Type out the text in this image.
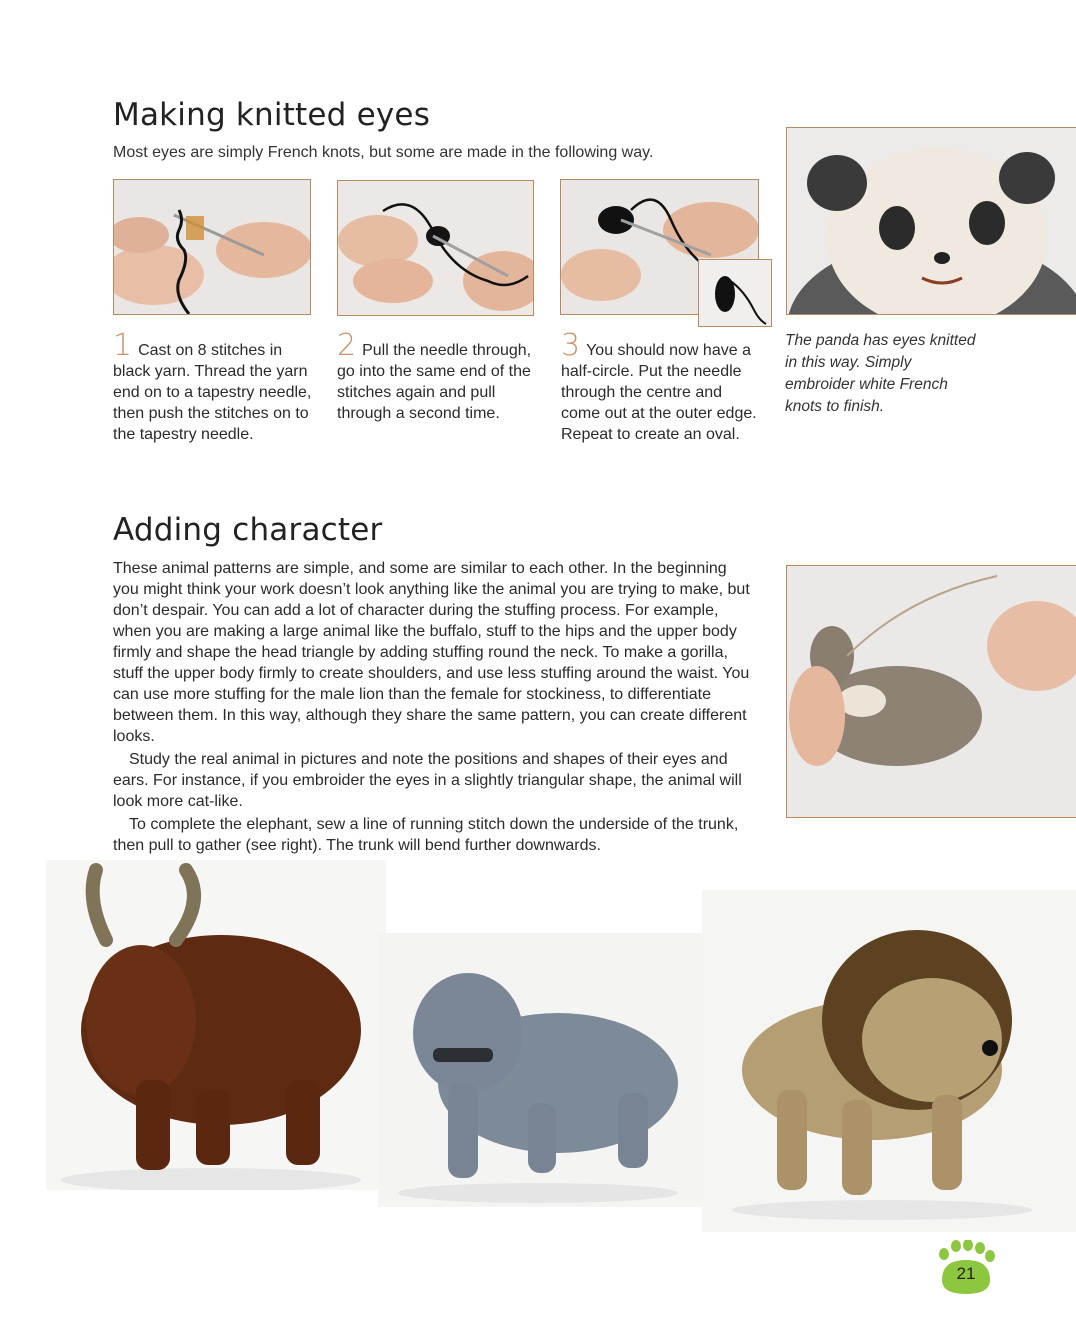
Making knitted eyes
Most eyes are simply French knots, but some are made in the following way.
1 Cast on 8 stitches in black yarn. Thread the yarn end on to a tapestry needle, then push the stitches on to the tapestry needle.
2 Pull the needle through, go into the same end of the stitches again and pull through a second time.
3 You should now have a half-circle. Put the needle through the centre and come out at the outer edge. Repeat to create an oval.
The panda has eyes knitted in this way. Simply embroider white French knots to finish.
Adding character

These animal patterns are simple, and some are similar to each other. In the beginning you might think your work doesn’t look anything like the animal you are trying to make, but don’t despair. You can add a lot of character during the stuffing process. For example, when you are making a large animal like the buffalo, stuff to the hips and the upper body firmly and shape the head triangle by adding stuffing round the neck. To make a gorilla, stuff the upper body firmly to create shoulders, and use less stuffing around the waist. You can use more stuffing for the male lion than the female for stockiness, to differentiate between them. In this way, although they share the same pattern, you can create different looks.

Study the real animal in pictures and note the positions and shapes of their eyes and ears. For instance, if you embroider the eyes in a slightly triangular shape, the animal will look more cat-like.

To complete the elephant, sew a line of running stitch down the underside of the trunk, then pull to gather (see right). The trunk will bend further downwards.

21
